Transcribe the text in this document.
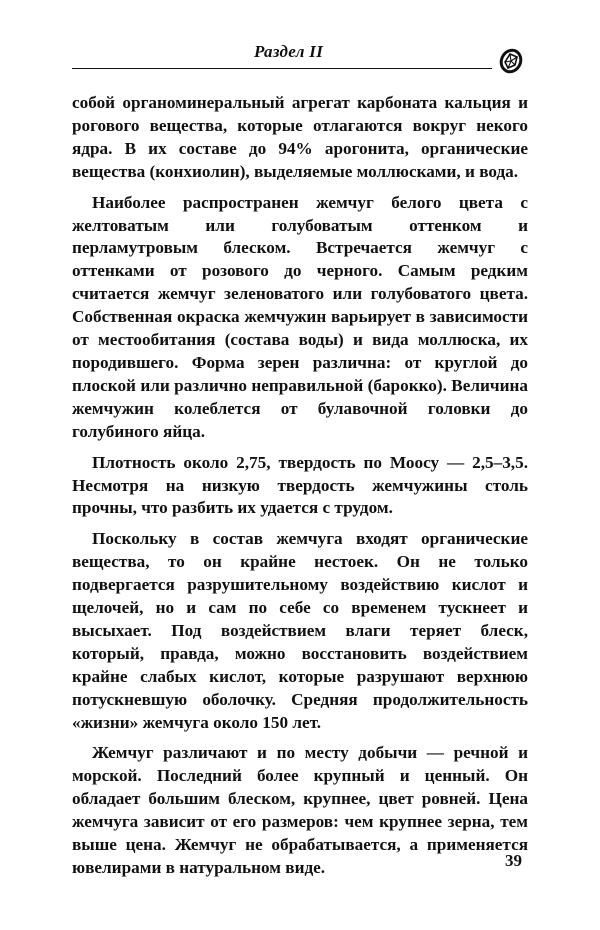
Раздел II

собой органоминеральный агрегат карбоната кальция и рогового вещества, которые отлагаются вокруг некого ядра. В их составе до 94% арогонита, органические вещества (конхиолин), выделяемые моллюсками, и вода.

Наиболее распространен жемчуг белого цвета с желтоватым или голубоватым оттенком и перламутровым блеском. Встречается жемчуг с оттенками от розового до черного. Самым редким считается жемчуг зеленоватого или голубоватого цвета. Собственная окраска жемчужин варьирует в зависимости от местообитания (состава воды) и вида моллюска, их породившего. Форма зерен различна: от круглой до плоской или различно неправильной (барокко). Величина жемчужин колеблется от булавочной головки до голубиного яйца.

Плотность около 2,75, твердость по Моосу — 2,5–3,5. Несмотря на низкую твердость жемчужины столь прочны, что разбить их удается с трудом.

Поскольку в состав жемчуга входят органические вещества, то он крайне нестоек. Он не только подвергается разрушительному воздействию кислот и щелочей, но и сам по себе со временем тускнеет и высыхает. Под воздействием влаги теряет блеск, который, правда, можно восстановить воздействием крайне слабых кислот, которые разрушают верхнюю потускневшую оболочку. Средняя продолжительность «жизни» жемчуга около 150 лет.

Жемчуг различают и по месту добычи — речной и морской. Последний более крупный и ценный. Он обладает большим блеском, крупнее, цвет ровней. Цена жемчуга зависит от его размеров: чем крупнее зерна, тем выше цена. Жемчуг не обрабатывается, а применяется ювелирами в натуральном виде.	39
